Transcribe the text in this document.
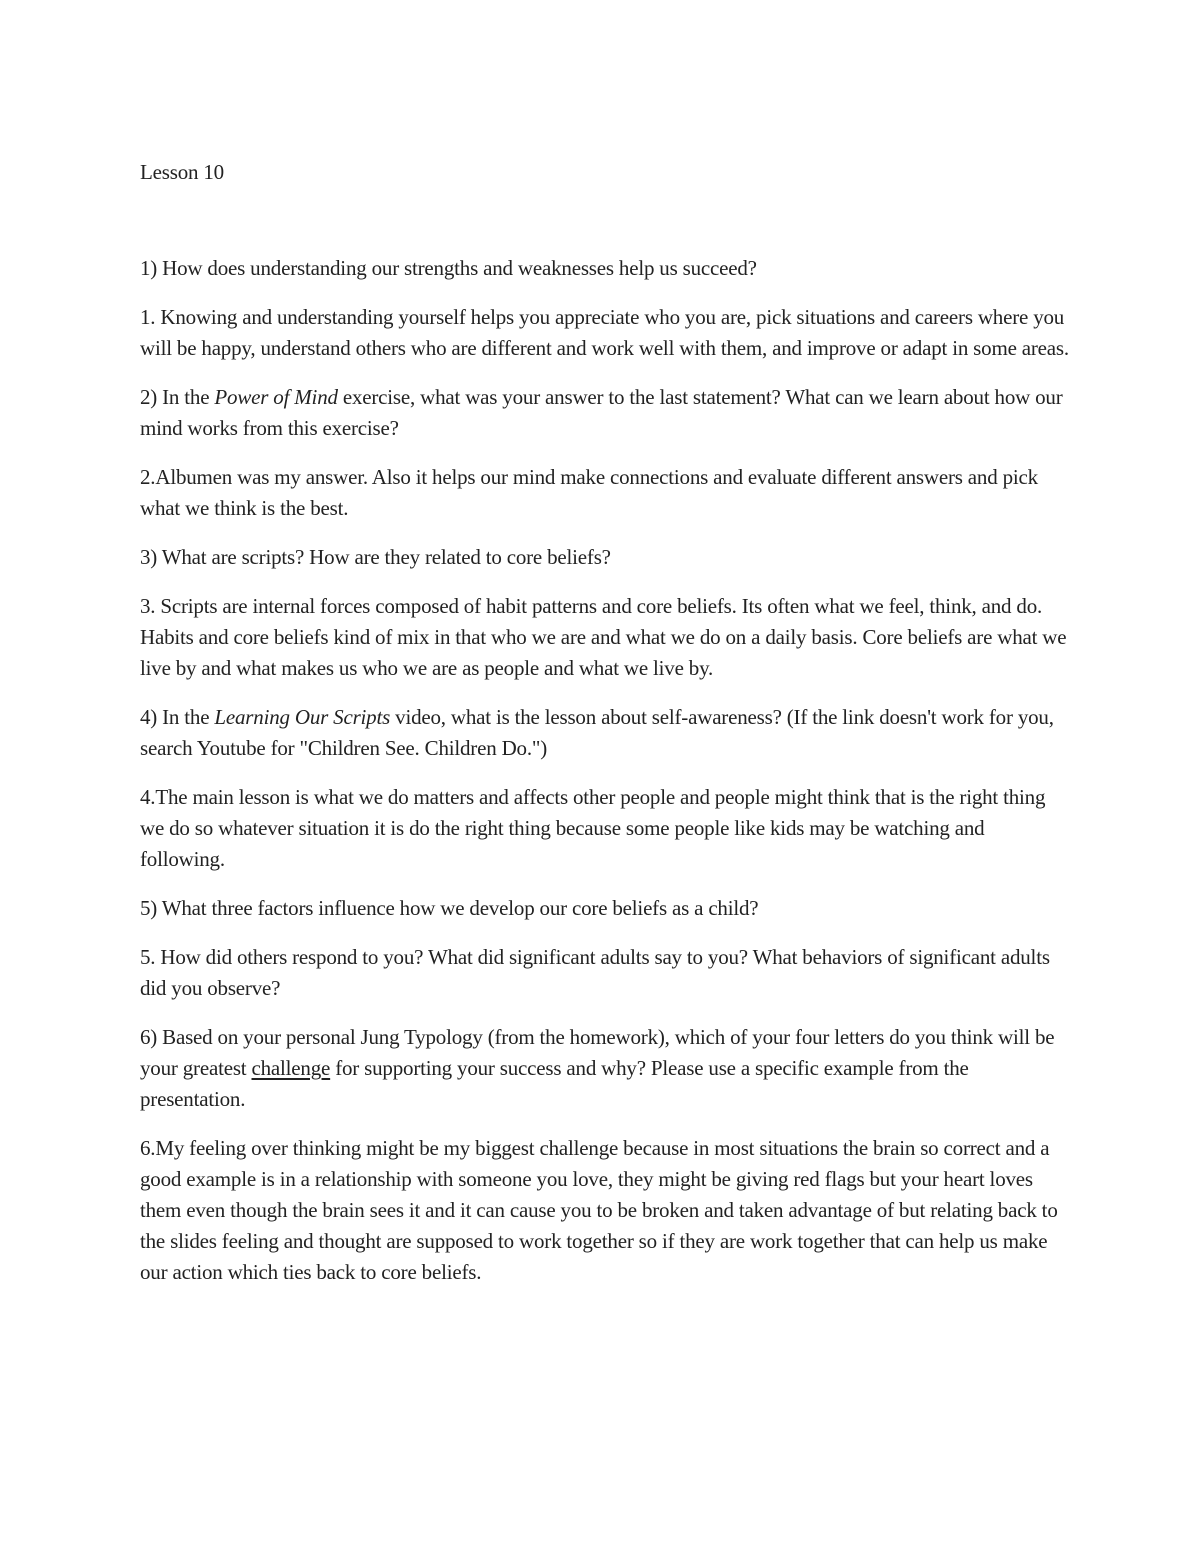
Lesson 10

1) How does understanding our strengths and weaknesses help us succeed?

1. Knowing and understanding yourself helps you appreciate who you are, pick situations and careers where you will be happy, understand others who are different and work well with them, and improve or adapt in some areas.

2) In the Power of Mind exercise, what was your answer to the last statement? What can we learn about how our mind works from this exercise?

2.Albumen was my answer. Also it helps our mind make connections and evaluate different answers and pick what we think is the best.

3) What are scripts? How are they related to core beliefs?

3. Scripts are internal forces composed of habit patterns and core beliefs. Its often what we feel, think, and do. Habits and core beliefs kind of mix in that who we are and what we do on a daily basis. Core beliefs are what we live by and what makes us who we are as people and what we live by.

4) In the Learning Our Scripts video, what is the lesson about self-awareness? (If the link doesn't work for you, search Youtube for "Children See. Children Do.")

4.The main lesson is what we do matters and affects other people and people might think that is the right thing we do so whatever situation it is do the right thing because some people like kids may be watching and following.

5) What three factors influence how we develop our core beliefs as a child?

5. How did others respond to you? What did significant adults say to you? What behaviors of significant adults did you observe?

6) Based on your personal Jung Typology (from the homework), which of your four letters do you think will be your greatest challenge for supporting your success and why? Please use a specific example from the presentation.

6.My feeling over thinking might be my biggest challenge because in most situations the brain so correct and a good example is in a relationship with someone you love, they might be giving red flags but your heart loves them even though the brain sees it and it can cause you to be broken and taken advantage of but relating back to the slides feeling and thought are supposed to work together so if they are work together that can help us make our action which ties back to core beliefs.
